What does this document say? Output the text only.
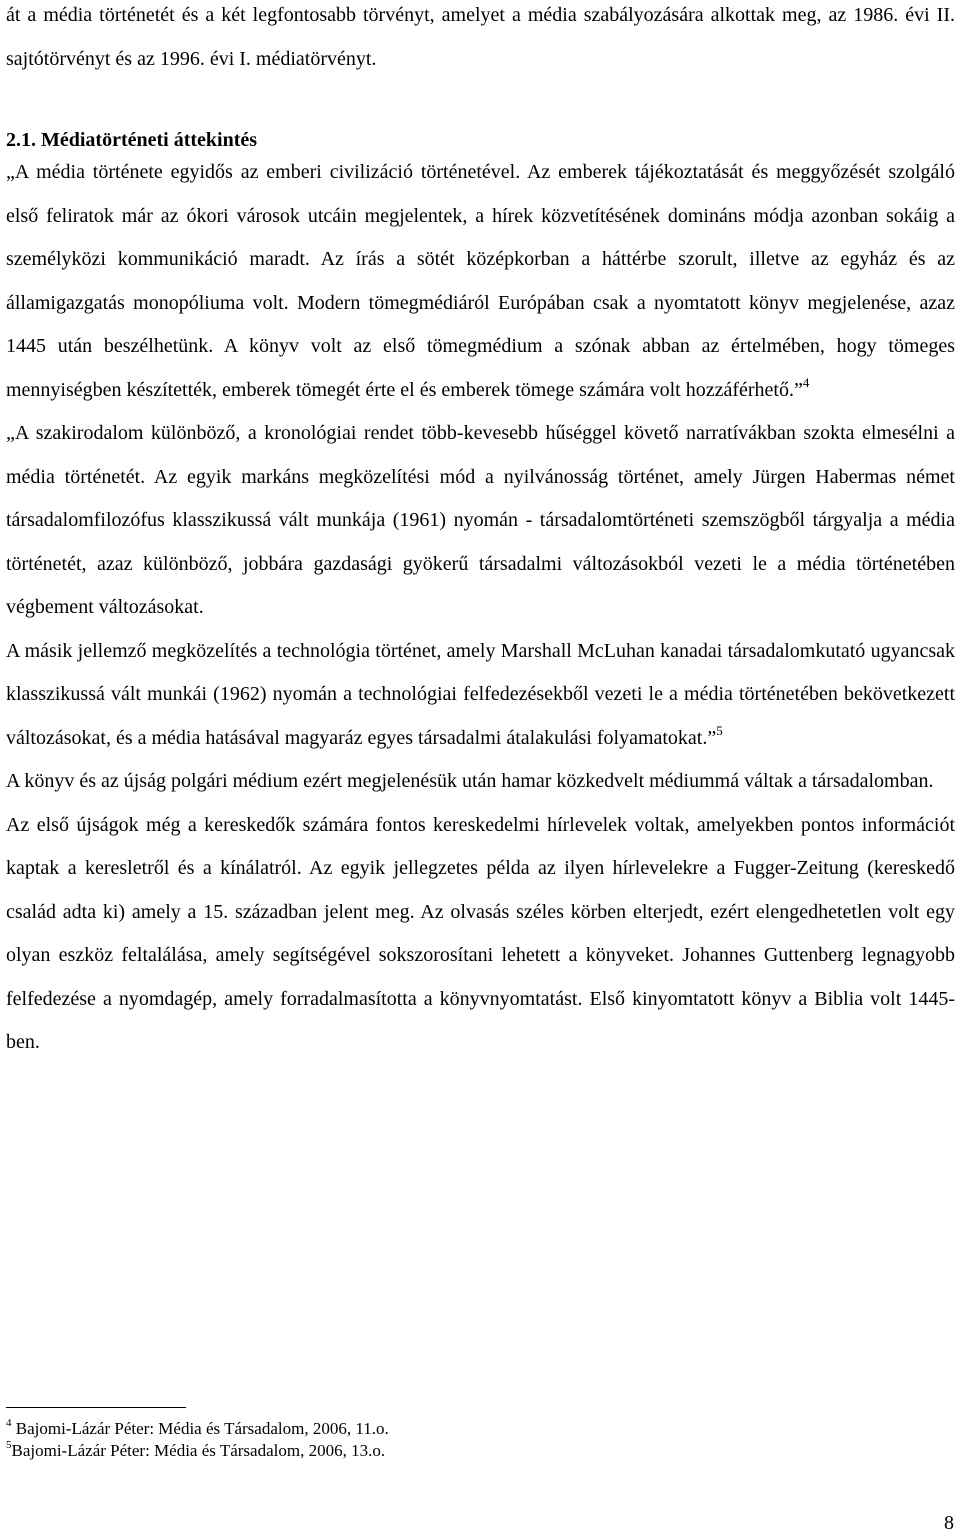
át a média történetét és a két legfontosabb törvényt, amelyet a média szabályozására alkottak meg, az 1986. évi II. sajtótörvényt és az 1996. évi I. médiatörvényt.

2.1. Médiatörténeti áttekintés

„A média története egyidős az emberi civilizáció történetével. Az emberek tájékoztatását és meggyőzését szolgáló első feliratok már az ókori városok utcáin megjelentek, a hírek közvetítésének domináns módja azonban sokáig a személyközi kommunikáció maradt. Az írás a sötét középkorban a háttérbe szorult, illetve az egyház és az államigazgatás monopóliuma volt. Modern tömegmédiáról Európában csak a nyomtatott könyv megjelenése, azaz 1445 után beszélhetünk. A könyv volt az első tömegmédium a szónak abban az értelmében, hogy tömeges mennyiségben készítették, emberek tömegét érte el és emberek tömege számára volt hozzáférhető.”$^4$

„A szakirodalom különböző, a kronológiai rendet több-kevesebb hűséggel követő narratívákban szokta elmesélni a média történetét. Az egyik markáns megközelítési mód a nyilvánosság történet, amely Jürgen Habermas német társadalomfilozófus klasszikussá vált munkája (1961) nyomán - társadalomtörténeti szemszögből tárgyalja a média történetét, azaz különböző, jobbára gazdasági gyökerű társadalmi változásokból vezeti le a média történetében végbement változásokat.

A másik jellemző megközelítés a technológia történet, amely Marshall McLuhan kanadai társadalomkutató ugyancsak klasszikussá vált munkái (1962) nyomán a technológiai felfedezésekből vezeti le a média történetében bekövetkezett változásokat, és a média hatásával magyaráz egyes társadalmi átalakulási folyamatokat.”$^5$

A könyv és az újság polgári médium ezért megjelenésük után hamar közkedvelt médiummá váltak a társadalomban.

Az első újságok még a kereskedők számára fontos kereskedelmi hírlevelek voltak, amelyekben pontos információt kaptak a keresletről és a kínálatról. Az egyik jellegzetes példa az ilyen hírlevelekre a Fugger-Zeitung (kereskedő család adta ki) amely a 15. században jelent meg. Az olvasás széles körben elterjedt, ezért elengedhetetlen volt egy olyan eszköz feltalálása, amely segítségével sokszorosítani lehetett a könyveket. Johannes Guttenberg legnagyobb felfedezése a nyomdagép, amely forradalmasította a könyvnyomtatást. Első kinyomtatott könyv a Biblia volt 1445-ben.

$^4$ Bajomi-Lázár Péter: Média és Társadalom, 2006, 11.o.

$^5$Bajomi-Lázár Péter: Média és Társadalom, 2006, 13.o.

8
